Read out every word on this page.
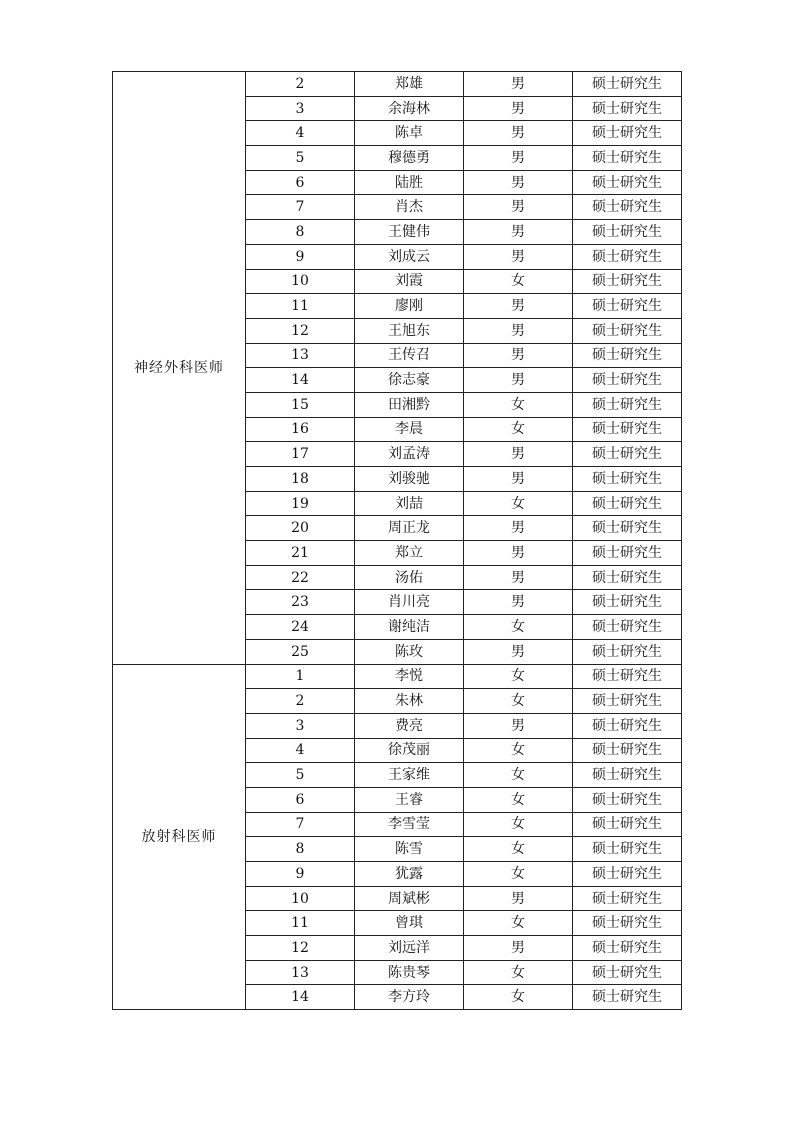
神经外科医师	2	郑雄	男	硕士研究生
	3	余海林	男	硕士研究生
	4	陈卓	男	硕士研究生
	5	穆德勇	男	硕士研究生
	6	陆胜	男	硕士研究生
	7	肖杰	男	硕士研究生
	8	王健伟	男	硕士研究生
	9	刘成云	男	硕士研究生
	10	刘霞	女	硕士研究生
	11	廖刚	男	硕士研究生
	12	王旭东	男	硕士研究生
	13	王传召	男	硕士研究生
	14	徐志豪	男	硕士研究生
	15	田湘黔	女	硕士研究生
	16	李晨	女	硕士研究生
	17	刘孟涛	男	硕士研究生
	18	刘骏驰	男	硕士研究生
	19	刘喆	女	硕士研究生
	20	周正龙	男	硕士研究生
	21	郑立	男	硕士研究生
	22	汤佑	男	硕士研究生
	23	肖川亮	男	硕士研究生
	24	谢纯洁	女	硕士研究生
	25	陈玫	男	硕士研究生
放射科医师	1	李悦	女	硕士研究生
	2	朱林	女	硕士研究生
	3	费亮	男	硕士研究生
	4	徐茂丽	女	硕士研究生
	5	王家维	女	硕士研究生
	6	王睿	女	硕士研究生
	7	李雪莹	女	硕士研究生
	8	陈雪	女	硕士研究生
	9	犹露	女	硕士研究生
	10	周斌彬	男	硕士研究生
	11	曾琪	女	硕士研究生
	12	刘远洋	男	硕士研究生
	13	陈贵琴	女	硕士研究生
	14	李方玲	女	硕士研究生
